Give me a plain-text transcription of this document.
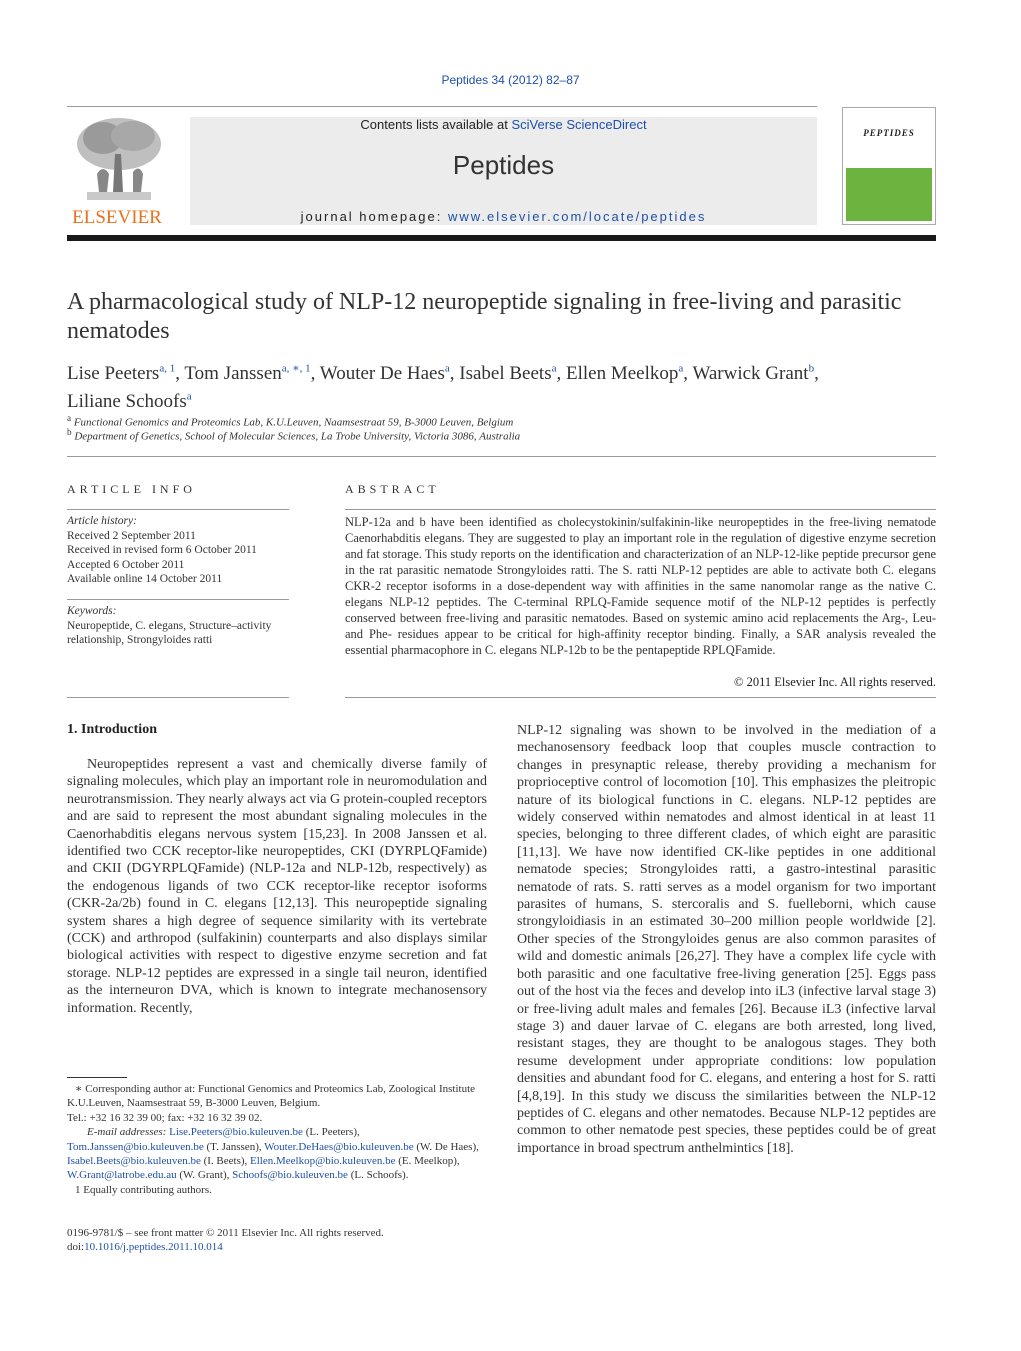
Peptides 34 (2012) 82–87
ELSEVIER
Contents lists available at SciVerse ScienceDirect
Peptides
journal homepage: www.elsevier.com/locate/peptides
PEPTIDES
A pharmacological study of NLP-12 neuropeptide signaling in free-living and parasitic nematodes
Lise Peeters$^{a, 1}$, Tom Janssen$^{a, ∗, 1}$, Wouter De Haes$^a$, Isabel Beets$^a$, Ellen Meelkop$^a$, Warwick Grant$^b$,
Liliane Schoofs$^a$
$^a$ Functional Genomics and Proteomics Lab, K.U.Leuven, Naamsestraat 59, B-3000 Leuven, Belgium
$^b$ Department of Genetics, School of Molecular Sciences, La Trobe University, Victoria 3086, Australia
ARTICLE INFO
Article history:
Received 2 September 2011
Received in revised form 6 October 2011
Accepted 6 October 2011
Available online 14 October 2011
Keywords:
Neuropeptide, C. elegans, Structure–activity
relationship, Strongyloides ratti
ABSTRACT
NLP-12a and b have been identified as cholecystokinin/sulfakinin-like neuropeptides in the free-living nematode Caenorhabditis elegans. They are suggested to play an important role in the regulation of digestive enzyme secretion and fat storage. This study reports on the identification and characterization of an NLP-12-like peptide precursor gene in the rat parasitic nematode Strongyloides ratti. The S. ratti NLP-12 peptides are able to activate both C. elegans CKR-2 receptor isoforms in a dose-dependent way with affinities in the same nanomolar range as the native C. elegans NLP-12 peptides. The C-terminal RPLQ-Famide sequence motif of the NLP-12 peptides is perfectly conserved between free-living and parasitic nematodes. Based on systemic amino acid replacements the Arg-, Leu- and Phe- residues appear to be critical for high-affinity receptor binding. Finally, a SAR analysis revealed the essential pharmacophore in C. elegans NLP-12b to be the pentapeptide RPLQFamide.
© 2011 Elsevier Inc. All rights reserved.
1. Introduction

Neuropeptides represent a vast and chemically diverse family of signaling molecules, which play an important role in neuromodulation and neurotransmission. They nearly always act via G protein-coupled receptors and are said to represent the most abundant signaling molecules in the Caenorhabditis elegans nervous system [15,23]. In 2008 Janssen et al. identified two CCK receptor-like neuropeptides, CKI (DYRPLQFamide) and CKII (DGYRPLQFamide) (NLP-12a and NLP-12b, respectively) as the endogenous ligands of two CCK receptor-like receptor isoforms (CKR-2a/2b) found in C. elegans [12,13]. This neuropeptide signaling system shares a high degree of sequence similarity with its vertebrate (CCK) and arthropod (sulfakinin) counterparts and also displays similar biological activities with respect to digestive enzyme secretion and fat storage. NLP-12 peptides are expressed in a single tail neuron, identified as the interneuron DVA, which is known to integrate mechanosensory information. Recently,

NLP-12 signaling was shown to be involved in the mediation of a mechanosensory feedback loop that couples muscle contraction to changes in presynaptic release, thereby providing a mechanism for proprioceptive control of locomotion [10]. This emphasizes the pleitropic nature of its biological functions in C. elegans. NLP-12 peptides are widely conserved within nematodes and almost identical in at least 11 species, belonging to three different clades, of which eight are parasitic [11,13]. We have now identified CK-like peptides in one additional nematode species; Strongyloides ratti, a gastro-intestinal parasitic nematode of rats. S. ratti serves as a model organism for two important parasites of humans, S. stercoralis and S. fuelleborni, which cause strongyloidiasis in an estimated 30–200 million people worldwide [2]. Other species of the Strongyloides genus are also common parasites of wild and domestic animals [26,27]. They have a complex life cycle with both parasitic and one facultative free-living generation [25]. Eggs pass out of the host via the feces and develop into iL3 (infective larval stage 3) or free-living adult males and females [26]. Because iL3 (infective larval stage 3) and dauer larvae of C. elegans are both arrested, long lived, resistant stages, they are thought to be analogous stages. They both resume development under appropriate conditions: low population densities and abundant food for C. elegans, and entering a host for S. ratti [4,8,19]. In this study we discuss the similarities between the NLP-12 peptides of C. elegans and other nematodes. Because NLP-12 peptides are common to other nematode pest species, these peptides could be of great importance in broad spectrum anthelmintics [18].

∗ Corresponding author at: Functional Genomics and Proteomics Lab, Zoological Institute K.U.Leuven, Naamsestraat 59, B-3000 Leuven, Belgium.
Tel.: +32 16 32 39 00; fax: +32 16 32 39 02.
E-mail addresses: Lise.Peeters@bio.kuleuven.be (L. Peeters), Tom.Janssen@bio.kuleuven.be (T. Janssen), Wouter.DeHaes@bio.kuleuven.be (W. De Haes), Isabel.Beets@bio.kuleuven.be (I. Beets), Ellen.Meelkop@bio.kuleuven.be (E. Meelkop), W.Grant@latrobe.edu.au (W. Grant), Schoofs@bio.kuleuven.be (L. Schoofs).
1 Equally contributing authors.
0196-9781/$ – see front matter © 2011 Elsevier Inc. All rights reserved.
doi:10.1016/j.peptides.2011.10.014
